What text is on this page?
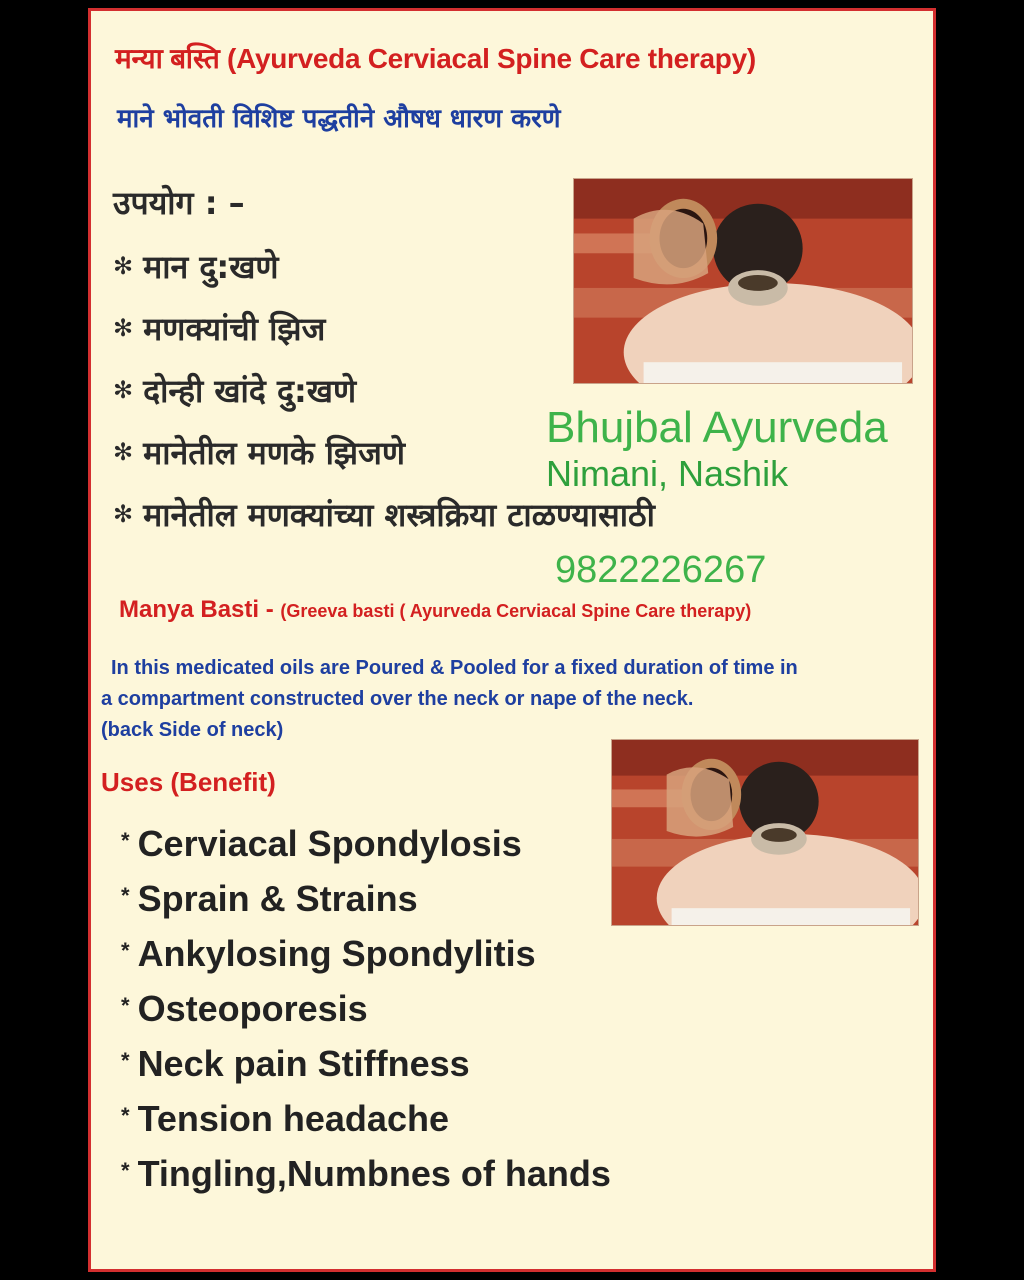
मन्या बस्ति (Ayurveda Cerviacal Spine Care therapy)
माने भोवती विशिष्ट पद्धतीने औषध धारण करणे
उपयोग : –
✻ मान दु:खणे
✻ मणक्यांची झिज
✻ दोन्ही खांदे दु:खणे
✻ मानेतील मणके झिजणे
✻ मानेतील मणक्यांच्या शस्त्रक्रिया टाळण्यासाठी
Bhujbal Ayurveda
Nimani, Nashik
9822226267
Manya Basti - (Greeva basti ( Ayurveda Cerviacal Spine Care therapy)
In this medicated oils are Poured & Pooled for a fixed duration of time in
a compartment constructed over the neck or nape of the neck.
(back Side of neck)
Uses (Benefit)
* Cerviacal Spondylosis
* Sprain & Strains
* Ankylosing Spondylitis
* Osteoporesis
* Neck pain Stiffness
* Tension headache
* Tingling,Numbnes of hands
